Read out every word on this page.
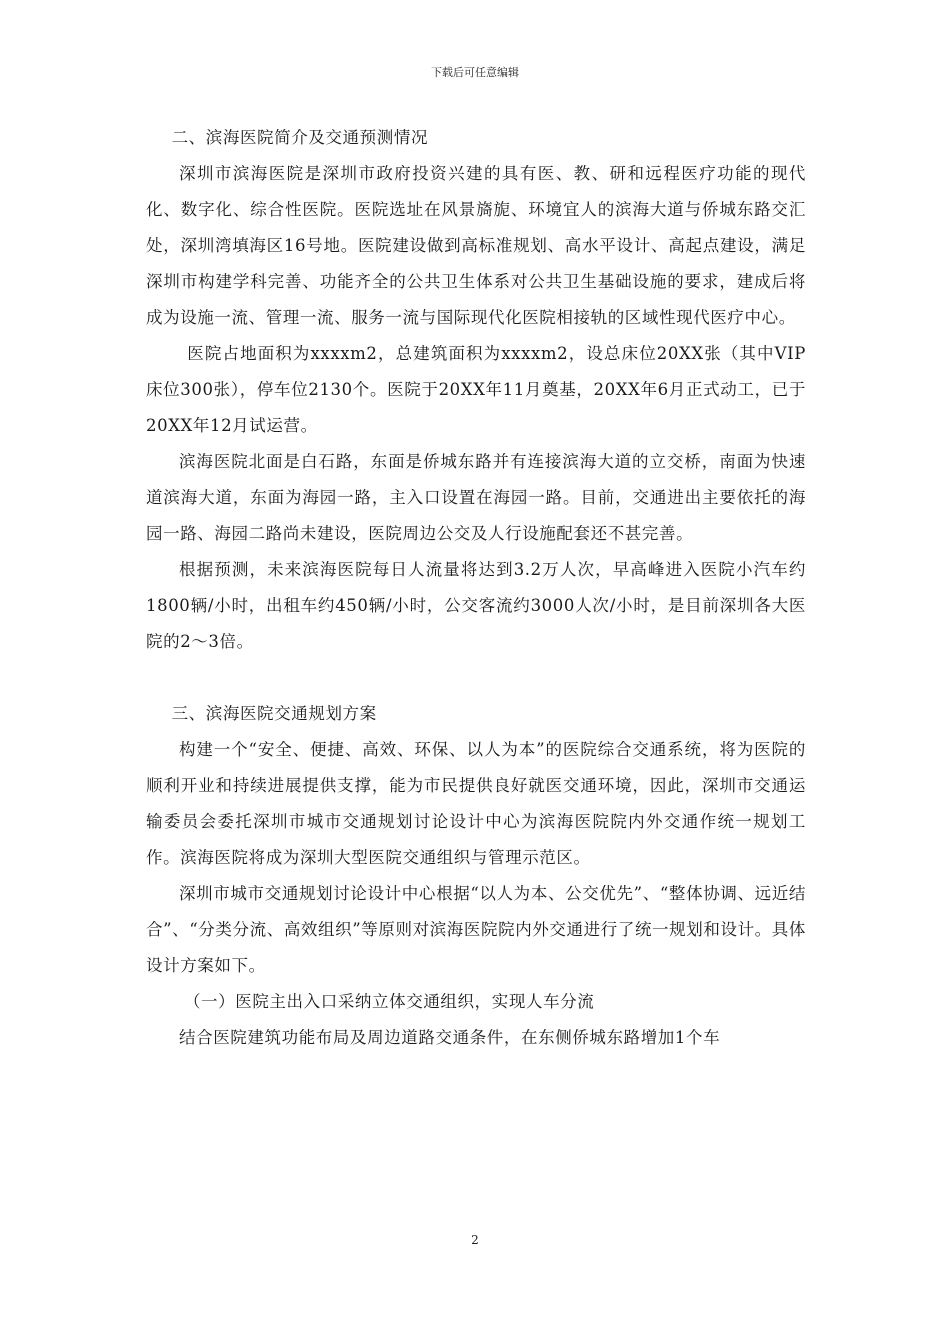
下载后可任意编辑

二、滨海医院简介及交通预测情况

深圳市滨海医院是深圳市政府投资兴建的具有医、教、研和远程医疗功能的现代化、数字化、综合性医院。医院选址在风景旖旎、环境宜人的滨海大道与侨城东路交汇处，深圳湾填海区16号地。医院建设做到高标准规划、高水平设计、高起点建设，满足深圳市构建学科完善、功能齐全的公共卫生体系对公共卫生基础设施的要求，建成后将成为设施一流、管理一流、服务一流与国际现代化医院相接轨的区域性现代医疗中心。

医院占地面积为xxxxm2，总建筑面积为xxxxm2，设总床位20XX张（其中VIP床位300张），停车位2130个。医院于20XX年11月奠基，20XX年6月正式动工，已于20XX年12月试运营。

滨海医院北面是白石路，东面是侨城东路并有连接滨海大道的立交桥，南面为快速道滨海大道，东面为海园一路，主入口设置在海园一路。目前，交通进出主要依托的海园一路、海园二路尚未建设，医院周边公交及人行设施配套还不甚完善。

根据预测，未来滨海医院每日人流量将达到3.2万人次，早高峰进入医院小汽车约1800辆/小时，出租车约450辆/小时，公交客流约3000人次/小时，是目前深圳各大医院的2～3倍。

三、滨海医院交通规划方案

构建一个“安全、便捷、高效、环保、以人为本”的医院综合交通系统，将为医院的顺利开业和持续进展提供支撑，能为市民提供良好就医交通环境，因此，深圳市交通运输委员会委托深圳市城市交通规划讨论设计中心为滨海医院院内外交通作统一规划工作。滨海医院将成为深圳大型医院交通组织与管理示范区。

深圳市城市交通规划讨论设计中心根据“以人为本、公交优先”、“整体协调、远近结合”、“分类分流、高效组织”等原则对滨海医院院内外交通进行了统一规划和设计。具体设计方案如下。

（一）医院主出入口采纳立体交通组织，实现人车分流

结合医院建筑功能布局及周边道路交通条件，在东侧侨城东路增加1个车

2
